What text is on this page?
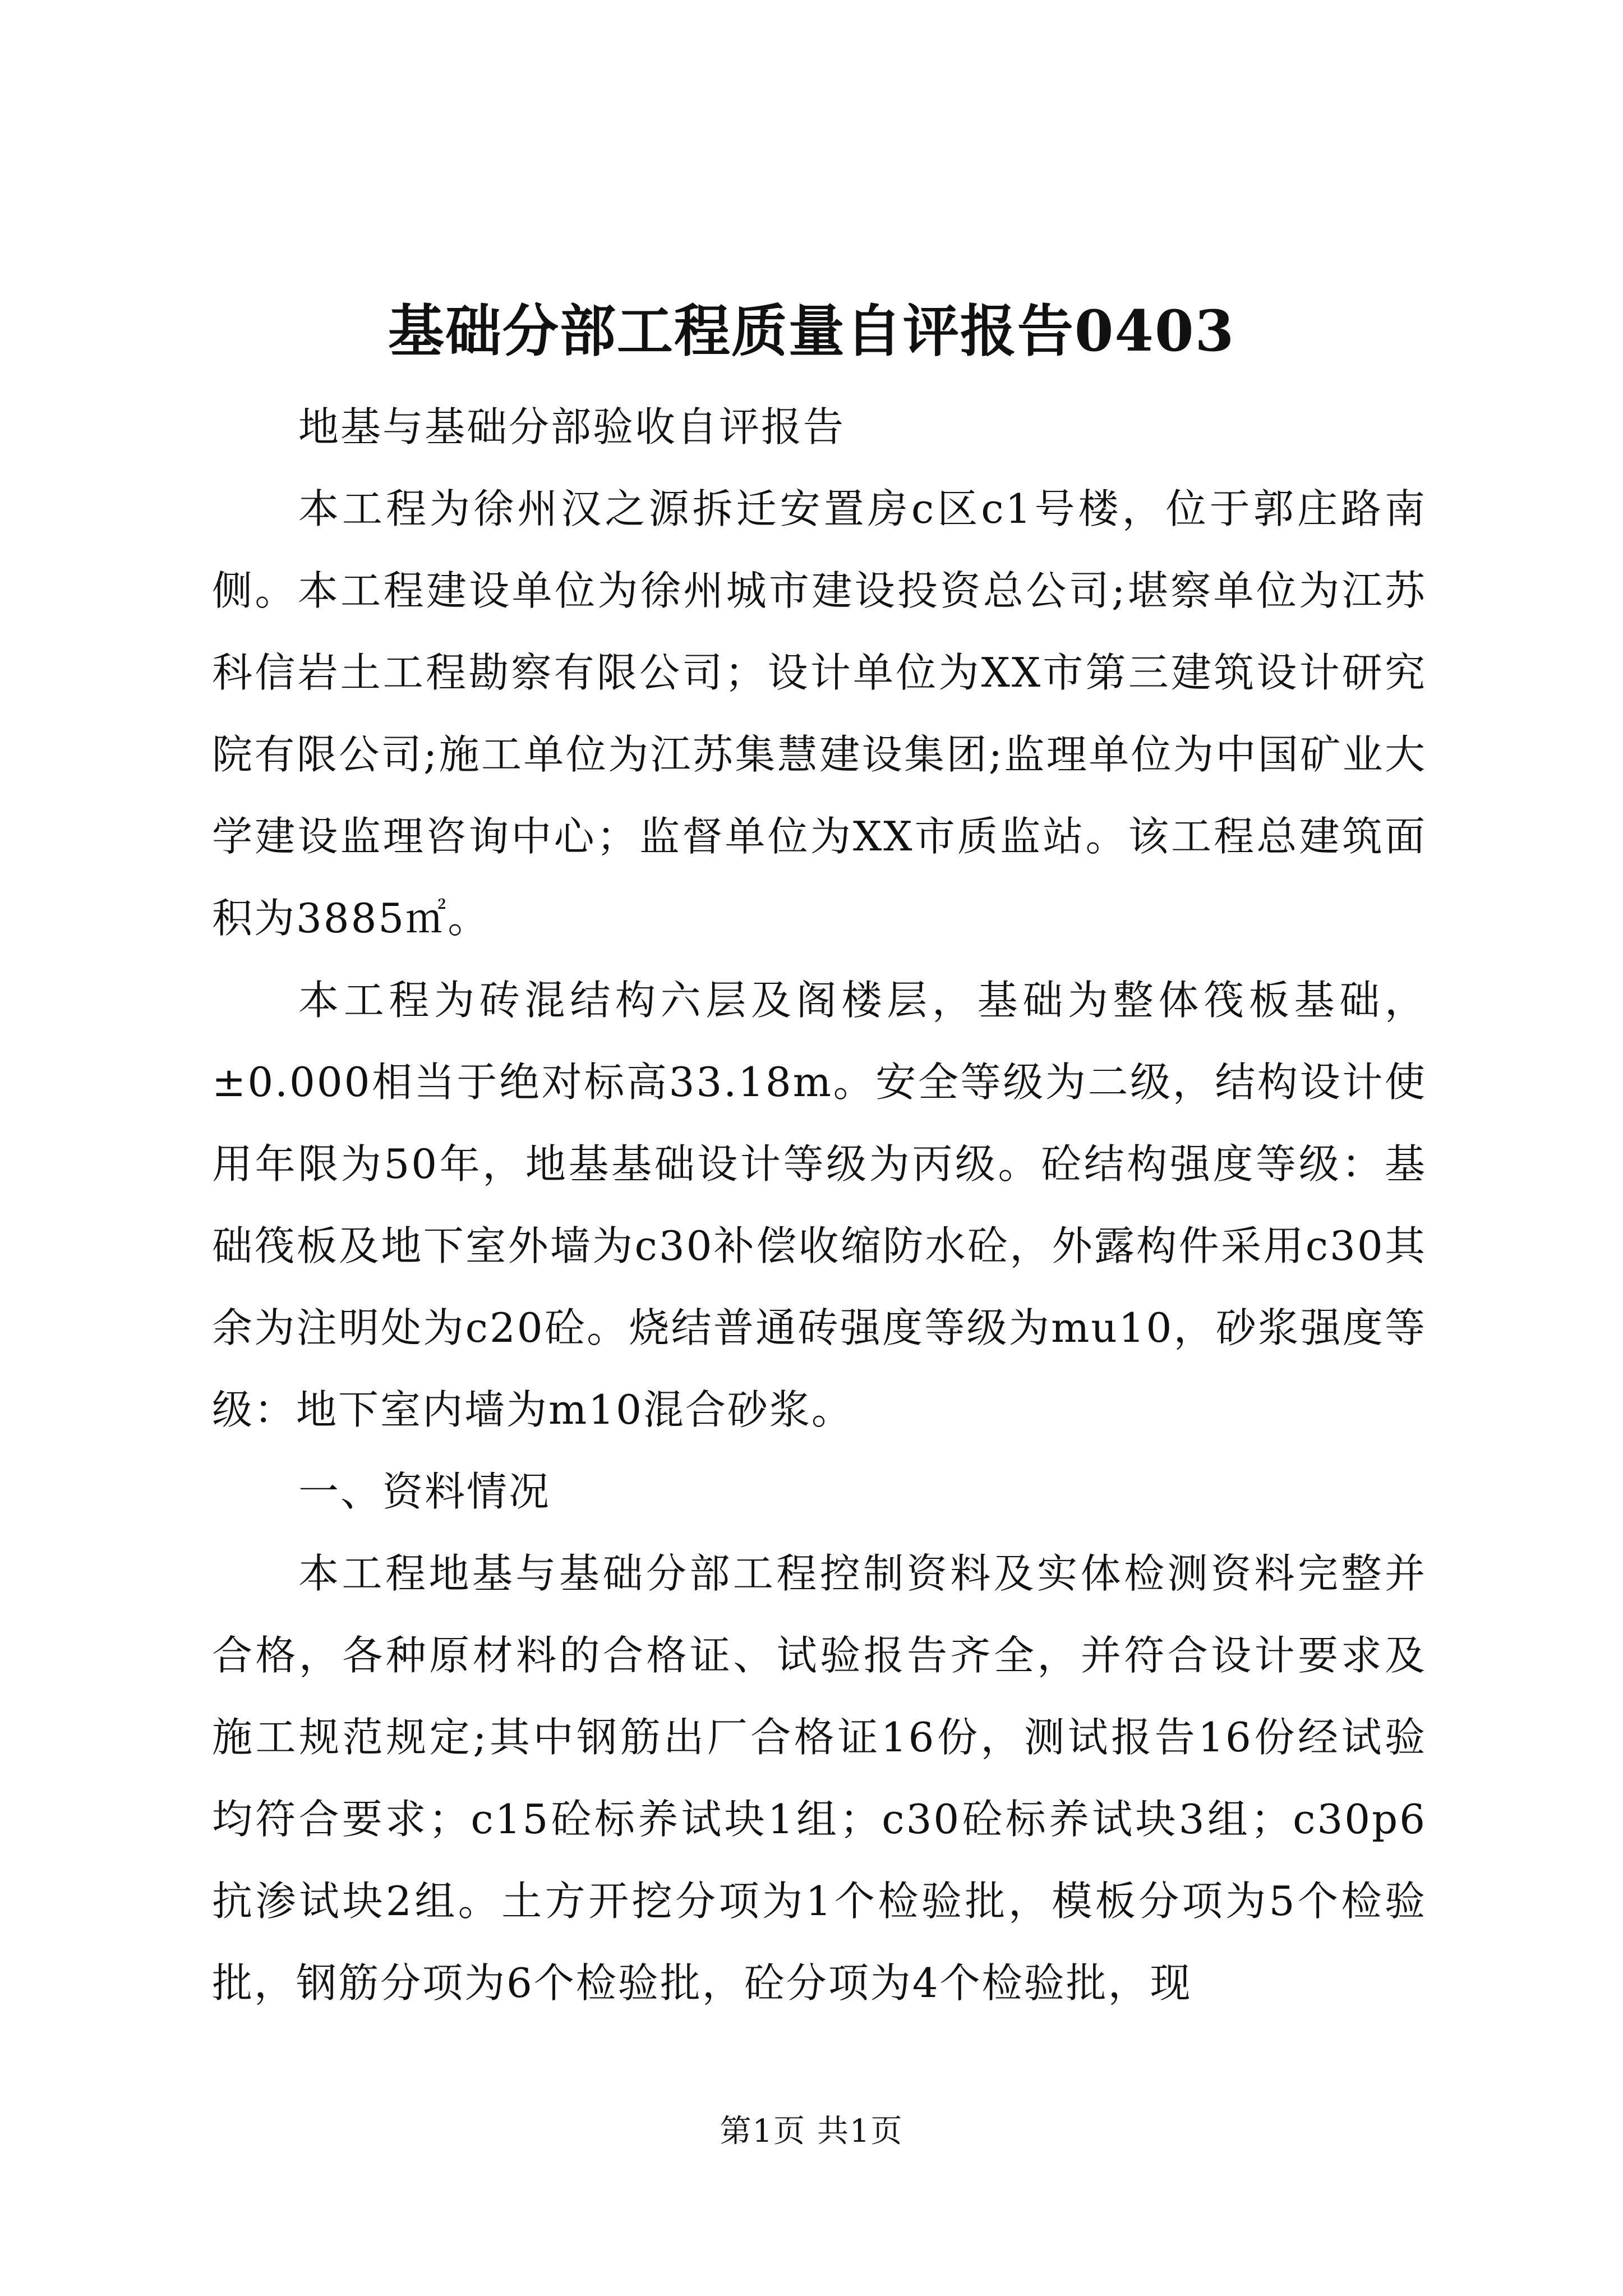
基础分部工程质量自评报告0403

地基与基础分部验收自评报告

本工程为徐州汉之源拆迁安置房c区c1号楼，位于郭庄路南侧。本工程建设单位为徐州城市建设投资总公司;堪察单位为江苏科信岩土工程勘察有限公司；设计单位为XX市第三建筑设计研究院有限公司;施工单位为江苏集慧建设集团;监理单位为中国矿业大学建设监理咨询中心；监督单位为XX市质监站。该工程总建筑面积为3885㎡。

本工程为砖混结构六层及阁楼层，基础为整体筏板基础，±0.000相当于绝对标高33.18m。安全等级为二级，结构设计使用年限为50年，地基基础设计等级为丙级。砼结构强度等级：基础筏板及地下室外墙为c30补偿收缩防水砼，外露构件采用c30其余为注明处为c20砼。烧结普通砖强度等级为mu10，砂浆强度等级：地下室内墙为m10混合砂浆。

一、资料情况

本工程地基与基础分部工程控制资料及实体检测资料完整并合格，各种原材料的合格证、试验报告齐全，并符合设计要求及施工规范规定;其中钢筋出厂合格证16份，测试报告16份经试验均符合要求；c15砼标养试块1组；c30砼标养试块3组；c30p6抗渗试块2组。土方开挖分项为1个检验批，模板分项为5个检验批，钢筋分项为6个检验批，砼分项为4个检验批，现

第1页 共1页
